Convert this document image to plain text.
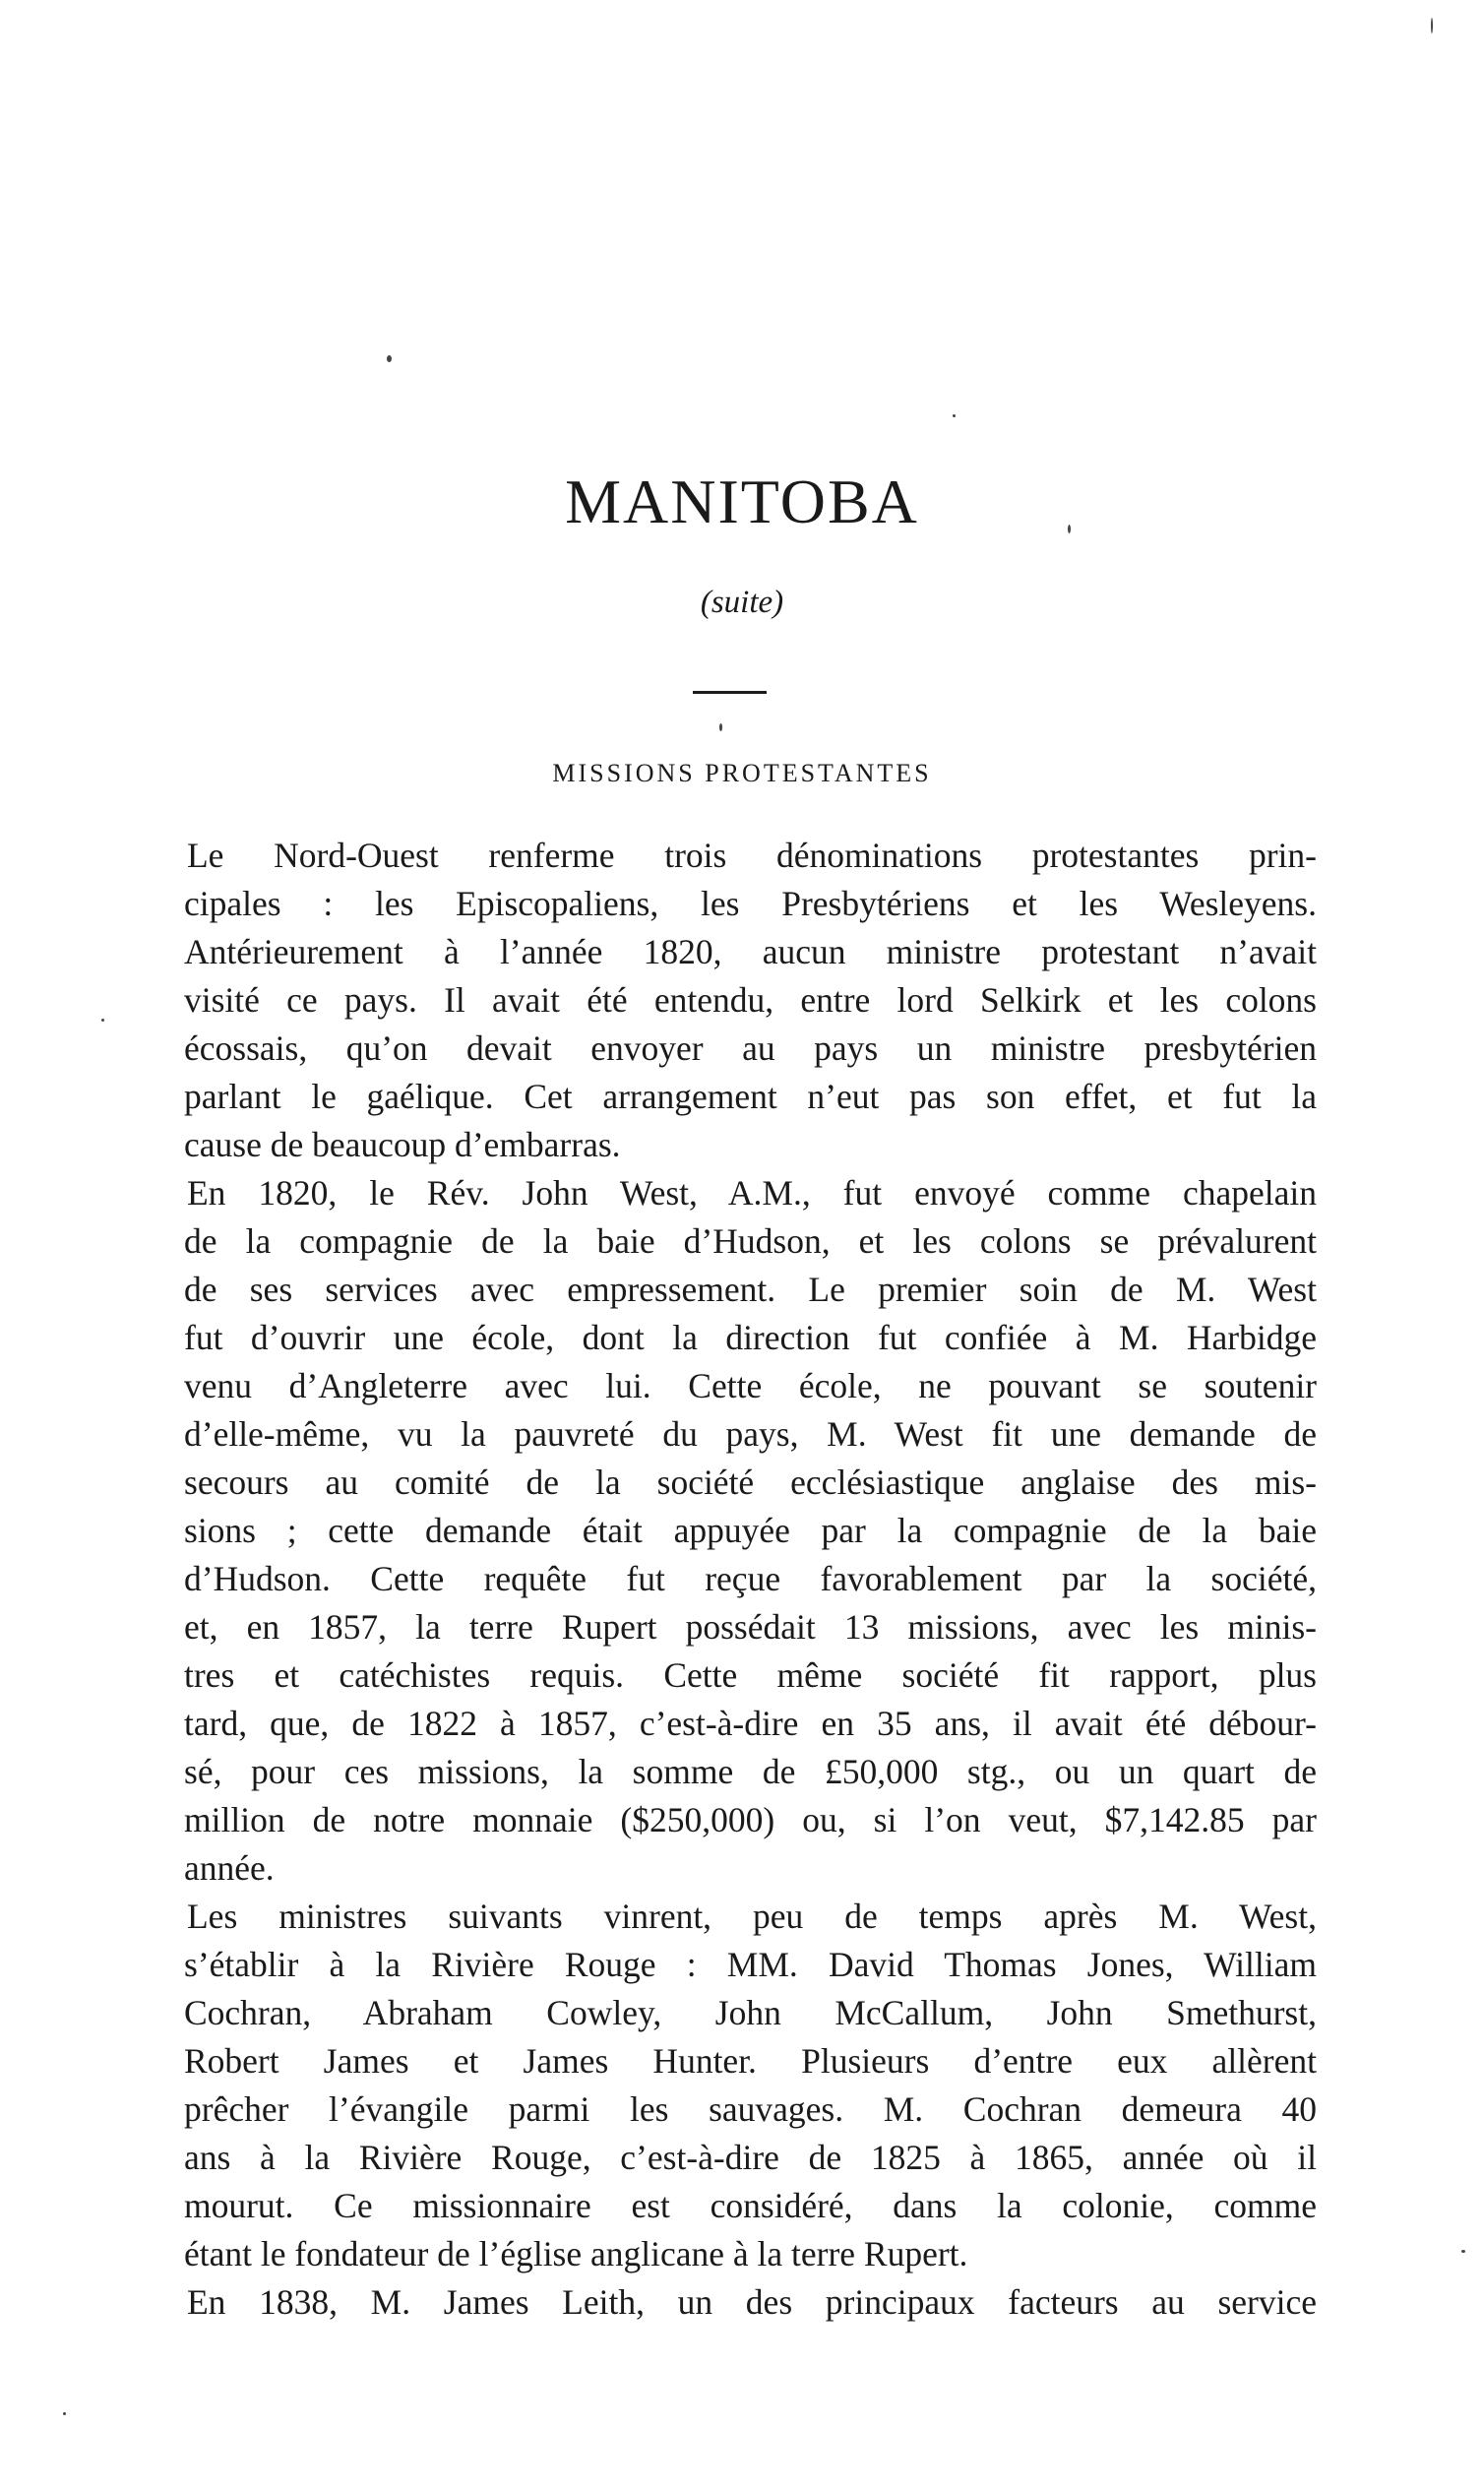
MANITOBA
(suite)
MISSIONS PROTESTANTES
Le Nord-Ouest renferme trois dénominations protestantes prin-
cipales : les Episcopaliens, les Presbytériens et les Wesleyens.
Antérieurement à l’année 1820, aucun ministre protestant n’avait
visité ce pays. Il avait été entendu, entre lord Selkirk et les colons
écossais, qu’on devait envoyer au pays un ministre presbytérien
parlant le gaélique. Cet arrangement n’eut pas son effet, et fut la
cause de beaucoup d’embarras.
En 1820, le Rév. John West, A.M., fut envoyé comme chapelain
de la compagnie de la baie d’Hudson, et les colons se prévalurent
de ses services avec empressement. Le premier soin de M. West
fut d’ouvrir une école, dont la direction fut confiée à M. Harbidge
venu d’Angleterre avec lui. Cette école, ne pouvant se soutenir
d’elle-même, vu la pauvreté du pays, M. West fit une demande de
secours au comité de la société ecclésiastique anglaise des mis-
sions ; cette demande était appuyée par la compagnie de la baie
d’Hudson. Cette requête fut reçue favorablement par la société,
et, en 1857, la terre Rupert possédait 13 missions, avec les minis-
tres et catéchistes requis. Cette même société fit rapport, plus
tard, que, de 1822 à 1857, c’est-à-dire en 35 ans, il avait été débour-
sé, pour ces missions, la somme de £50,000 stg., ou un quart de
million de notre monnaie ($250,000) ou, si l’on veut, $7,142.85 par
année.
Les ministres suivants vinrent, peu de temps après M. West,
s’établir à la Rivière Rouge : MM. David Thomas Jones, William
Cochran, Abraham Cowley, John McCallum, John Smethurst,
Robert James et James Hunter. Plusieurs d’entre eux allèrent
prêcher l’évangile parmi les sauvages. M. Cochran demeura 40
ans à la Rivière Rouge, c’est-à-dire de 1825 à 1865, année où il
mourut. Ce missionnaire est considéré, dans la colonie, comme
étant le fondateur de l’église anglicane à la terre Rupert.
En 1838, M. James Leith, un des principaux facteurs au service
